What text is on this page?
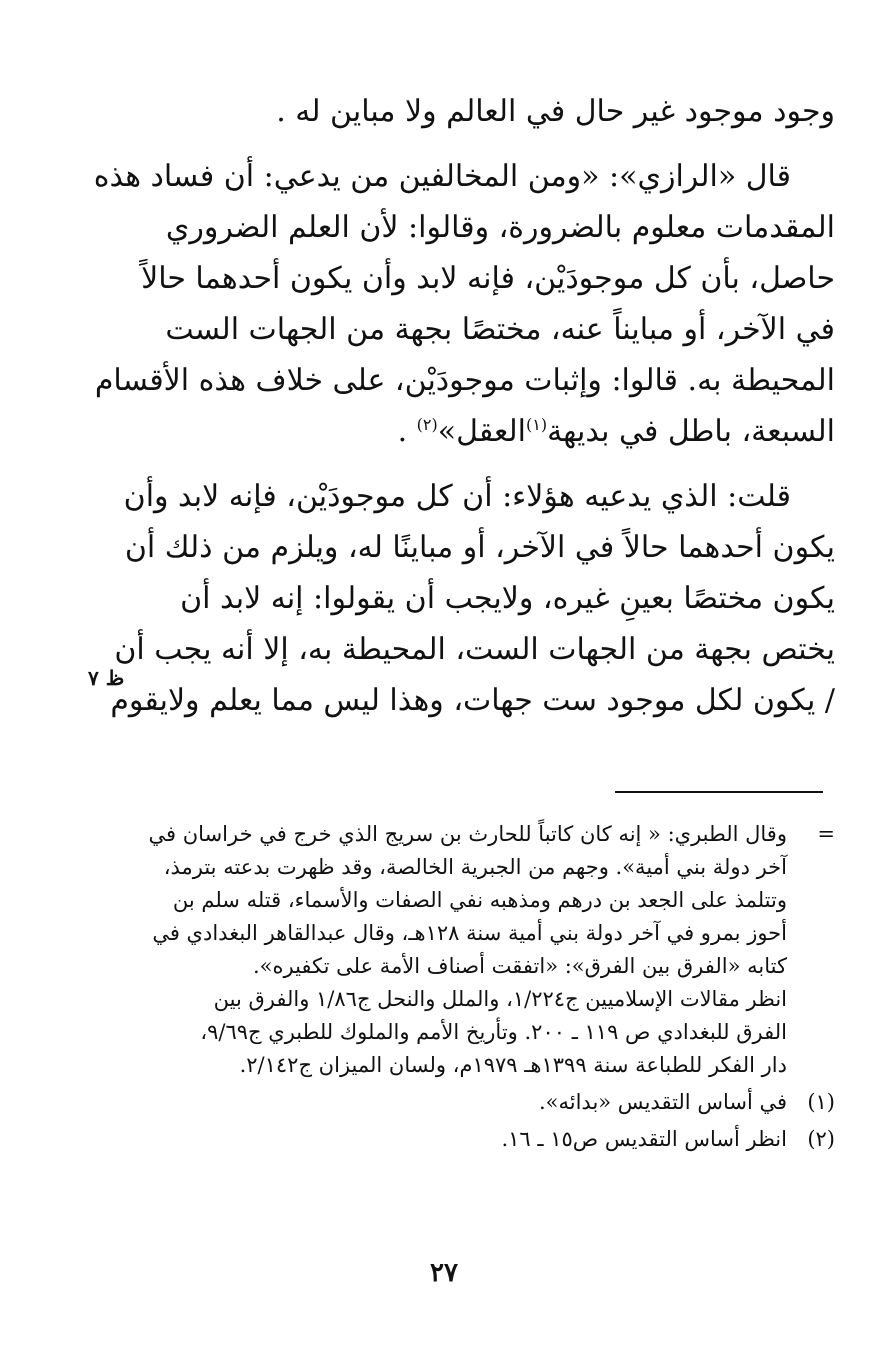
وجود موجود غير حال في العالم ولا مباين له .

قال «الرازي»: «ومن المخالفين من يدعي: أن فساد هذه
المقدمات معلوم بالضرورة، وقالوا: لأن العلم الضروري
حاصل، بأن كل موجودَيْن، فإنه لابد وأن يكون أحدهما حالاً
في الآخر، أو مبايناً عنه، مختصًا بجهة من الجهات الست
المحيطة به. قالوا: وإثبات موجودَيْن، على خلاف هذه الأقسام
السبعة، باطل في بديهة$^{(١)}$العقل»$^{(٢)}$ .

قلت: الذي يدعيه هؤلاء: أن كل موجودَيْن، فإنه لابد وأن
يكون أحدهما حالاً في الآخر، أو مباينًا له، ويلزم من ذلك أن
يكون مختصًا بعينِ غيره، ولايجب أن يقولوا: إنه لابد أن
يختص بجهة من الجهات الست، المحيطة به، إلا أنه يجب أن
/ يكون لكل موجود ست جهات، وهذا ليس مما يعلم ولايقوم

ظ ٧
=
وقال الطبري: « إنه كان كاتباً للحارث بن سريج الذي خرج في خراسان في
آخر دولة بني أمية». وجهم من الجبرية الخالصة، وقد ظهرت بدعته بترمذ،
وتتلمذ على الجعد بن درهم ومذهبه نفي الصفات والأسماء، قتله سلم بن
أحوز بمرو في آخر دولة بني أمية سنة ١٢٨هـ، وقال عبدالقاهر البغدادي في
كتابه «الفرق بين الفرق»: «اتفقت أصناف الأمة على تكفيره».
انظر مقالات الإسلاميين ج١/٢٢٤، والملل والنحل ج١/٨٦ والفرق بين
الفرق للبغدادي ص ١١٩ ـ ٢٠٠. وتأريخ الأمم والملوك للطبري ج٩/٦٩،
دار الفكر للطباعة سنة ١٣٩٩هـ ١٩٧٩م، ولسان الميزان ج٢/١٤٢.
(١)
في أساس التقديس «بدائه».
(٢)
انظر أساس التقديس ص١٥ ـ ١٦.
٢٧
